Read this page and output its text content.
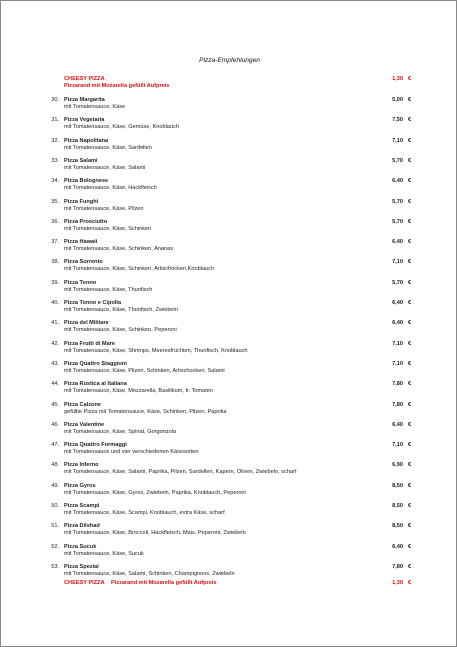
Pizza-Empfehlungen
CHEESY PIZZA
Pizzarand mit Mozarella gefüllt Aufpreis
1,30 €
30. Pizza Margarita
mit Tomatensauce, Käse
5,00 €
31. Pizza Vegetaria
mit Tomatensauce, Käse, Gemüse, Knoblauch
7,50 €
32. Pizza Napolitana
mit Tomatensauce, Käse, Sardellen
7,10 €
33. Pizza Salami
mit Tomatensauce, Käse, Salami
5,70 €
34. Pizza Bolognese
mit Tomatensauce, Käse, Hackfleisch
6,40 €
35. Pizza Funghi
mit Tomatensauce, Käse, Pilzen
5,70 €
36. Pizza Prosciutto
mit Tomatensauce, Käse, Schinken
5,70 €
37. Pizza Hawaii
mit Tomatensauce, Käse, Schinken, Ananas
6,40 €
38. Pizza Sorrento
mit Tomatensauce, Käse, Schinken, Artischocken,Knoblauch
7,10 €
39. Pizza Tonno
mit Tomatensauce, Käse, Thunfisch
5,70 €
40. Pizza Tonno e Cipolla
mit Tomatensauce, Käse, Thunfisch, Zwiebeln
6,40 €
41. Pizza del Militare
mit Tomatensauce, Käse, Schinken, Peperoni
6,40 €
42. Pizza Frutti di Mare
mit Tomatensauce, Käse, Shrimps, Meeresfrüchten, Thunfisch, Knoblauch
7,10 €
43. Pizza Quattro Staggioni
mit Tomatensauce, Käse, Pilzen, Schinken, Artischocken, Salami
7,10 €
44. Pizza Rustica al Italiana
mit Tomatensauce, Käse, Mozzarella, Basilikum, tr. Tomaten
7,80 €
45. Pizza Calzone
gefüllte Pizza mit Tomatensauce, Käse, Schinken, Pilzen, Paprika
7,80 €
46. Pizza Valentine
mit Tomatensauce, Käse, Spinat, Gorgonzola
6,40 €
47. Pizza Quattro Formaggi
mit Tomatensauce und vier verschiedenen Käsesorten
7,10 €
48. Pizza Inferno
mit Tomatensauce, Käse, Salami, Paprika, Pilzen, Sardellen, Kapern, Oliven, Zwiebeln, scharf
6,90 €
49. Pizza Gyros
mit Tomatensauce, Käse, Gyros, Zwiebeln, Paprika, Knoblauch, Peperoni
8,50 €
50. Pizza Scampi
mit Tomatensauce, Käse, Scampi, Knoblauch, extra Käse, scharf
8,50 €
51. Pizza Dilshad
mit Tomatensauce, Käse, Broccoli, Hackfleisch, Mais, Peperoni, Zwiebeln
8,50 €
52. Pizza Sucuk
mit Tomatensauce, Käse, Sucuk
6,40 €
53. Pizza Spezial
mit Tomatensauce, Käse, Salami, Schinken, Champignons, Zwiebeln
7,80 €
CHEESY PIZZA Pizzarand mit Mozarella gefüllt Aufpreis	1,30 €
